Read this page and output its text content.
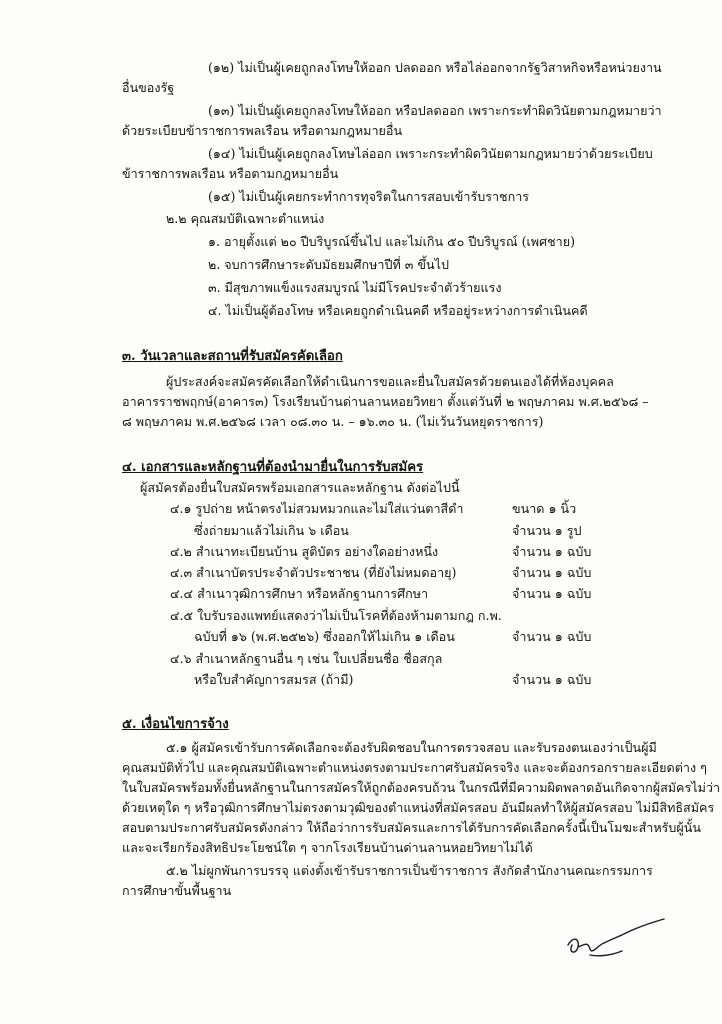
(๑๒) ไม่เป็นผู้เคยถูกลงโทษให้ออก ปลดออก หรือไล่ออกจากรัฐวิสาหกิจหรือหน่วยงาน
อื่นของรัฐ
(๑๓) ไม่เป็นผู้เคยถูกลงโทษให้ออก หรือปลดออก เพราะกระทำผิดวินัยตามกฎหมายว่า
ด้วยระเบียบข้าราชการพลเรือน หรือตามกฎหมายอื่น
(๑๔) ไม่เป็นผู้เคยถูกลงโทษไล่ออก เพราะกระทำผิดวินัยตามกฎหมายว่าด้วยระเบียบ
ข้าราชการพลเรือน หรือตามกฎหมายอื่น
(๑๕) ไม่เป็นผู้เคยกระทำการทุจริตในการสอบเข้ารับราชการ
๒.๒ คุณสมบัติเฉพาะตำแหน่ง
๑. อายุตั้งแต่ ๒๐ ปีบริบูรณ์ขึ้นไป และไม่เกิน ๕๐ ปีบริบูรณ์ (เพศชาย)
๒. จบการศึกษาระดับมัธยมศึกษาปีที่ ๓ ขึ้นไป
๓. มีสุขภาพแข็งแรงสมบูรณ์ ไม่มีโรคประจำตัวร้ายแรง
๔. ไม่เป็นผู้ต้องโทษ หรือเคยถูกดำเนินคดี หรืออยู่ระหว่างการดำเนินคดี
๓. วันเวลาและสถานที่รับสมัครคัดเลือก
ผู้ประสงค์จะสมัครคัดเลือกให้ดำเนินการขอและยื่นใบสมัครด้วยตนเองได้ที่ห้องบุคคล
อาคารราชพฤกษ์(อาคาร๓) โรงเรียนบ้านด่านลานหอยวิทยา ตั้งแต่วันที่ ๒ พฤษภาคม พ.ศ.๒๕๖๘ –
๘ พฤษภาคม พ.ศ.๒๕๖๘ เวลา ๐๘.๓๐ น. – ๑๖.๓๐ น. (ไม่เว้นวันหยุดราชการ)
๔. เอกสารและหลักฐานที่ต้องนำมายื่นในการรับสมัคร
ผู้สมัครต้องยื่นใบสมัครพร้อมเอกสารและหลักฐาน ดังต่อไปนี้
๔.๑ รูปถ่าย หน้าตรงไม่สวมหมวกและไม่ใส่แว่นตาสีดำ	ขนาด ๑ นิ้ว
ซึ่งถ่ายมาแล้วไม่เกิน ๖ เดือน	จำนวน ๑ รูป
๔.๒ สำเนาทะเบียนบ้าน สูติบัตร อย่างใดอย่างหนึ่ง	จำนวน ๑ ฉบับ
๔.๓ สำเนาบัตรประจำตัวประชาชน (ที่ยังไม่หมดอายุ)	จำนวน ๑ ฉบับ
๔.๔ สำเนาวุฒิการศึกษา หรือหลักฐานการศึกษา	จำนวน ๑ ฉบับ
๔.๕ ใบรับรองแพทย์แสดงว่าไม่เป็นโรคที่ต้องห้ามตามกฎ ก.พ.
ฉบับที่ ๑๖ (พ.ศ.๒๕๒๖) ซึ่งออกให้ไม่เกิน ๑ เดือน	จำนวน ๑ ฉบับ
๔.๖ สำเนาหลักฐานอื่น ๆ เช่น ใบเปลี่ยนชื่อ ชื่อสกุล
หรือใบสำคัญการสมรส (ถ้ามี)	จำนวน ๑ ฉบับ
๕. เงื่อนไขการจ้าง
๕.๑ ผู้สมัครเข้ารับการคัดเลือกจะต้องรับผิดชอบในการตรวจสอบ และรับรองตนเองว่าเป็นผู้มี
คุณสมบัติทั่วไป และคุณสมบัติเฉพาะตำแหน่งตรงตามประกาศรับสมัครจริง และจะต้องกรอกรายละเอียดต่าง ๆ
ในใบสมัครพร้อมทั้งยื่นหลักฐานในการสมัครให้ถูกต้องครบถ้วน ในกรณีที่มีความผิดพลาดอันเกิดจากผู้สมัครไม่ว่า
ด้วยเหตุใด ๆ หรือวุฒิการศึกษาไม่ตรงตามวุฒิของตำแหน่งที่สมัครสอบ อันมีผลทำให้ผู้สมัครสอบ ไม่มีสิทธิสมัคร
สอบตามประกาศรับสมัครดังกล่าว ให้ถือว่าการรับสมัครและการได้รับการคัดเลือกครั้งนี้เป็นโมฆะสำหรับผู้นั้น
และจะเรียกร้องสิทธิประโยชน์ใด ๆ จากโรงเรียนบ้านด่านลานหอยวิทยาไม่ได้
๕.๒ ไม่ผูกพันการบรรจุ แต่งตั้งเข้ารับราชการเป็นข้าราชการ สังกัดสำนักงานคณะกรรมการ
การศึกษาขั้นพื้นฐาน
